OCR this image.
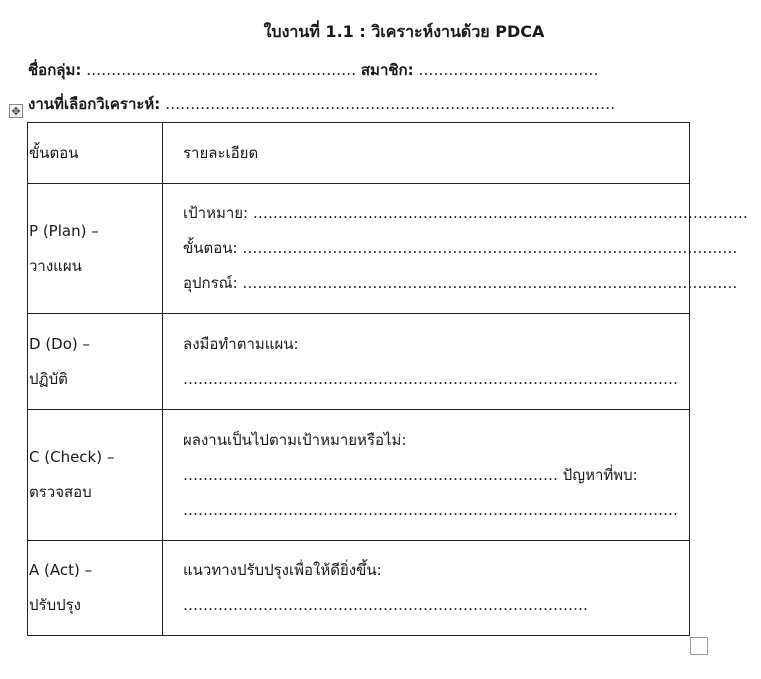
ใบงานที่ 1.1 : วิเคราะห์งานด้วย PDCA
ชื่อกลุ่ม: ……………………………………………… สมาชิก: ………………………………
งานที่เลือกวิเคราะห์: ………………………………………………………………………………
✥
ขั้นตอน	รายละเอียด

P (Plan) –
วางแผน	เป้าหมาย: ………………………………………………………………………………………
ขั้นตอน: ………………………………………………………………………………………
อุปกรณ์: ………………………………………………………………………………………

D (Do) –
ปฏิบัติ	ลงมือทำตามแผน:
………………………………………………………………………………………

C (Check) –
ตรวจสอบ	ผลงานเป็นไปตามเป้าหมายหรือไม่:
………………………………………………………………… ปัญหาที่พบ:
………………………………………………………………………………………

A (Act) –
ปรับปรุง	แนวทางปรับปรุงเพื่อให้ดียิ่งขึ้น:
………………………………………………………………………
